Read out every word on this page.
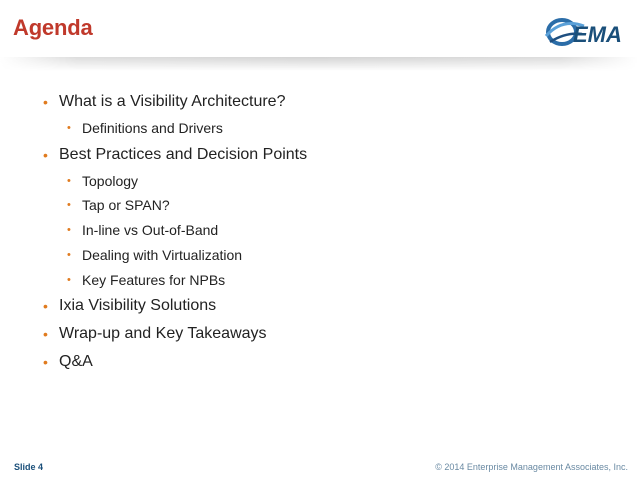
Agenda	EMA
• What is a Visibility Architecture?
• Definitions and Drivers
• Best Practices and Decision Points
• Topology
• Tap or SPAN?
• In-line vs Out-of-Band
• Dealing with Virtualization
• Key Features for NPBs
• Ixia Visibility Solutions
• Wrap-up and Key Takeaways
• Q&A
Slide 4	© 2014 Enterprise Management Associates, Inc.
